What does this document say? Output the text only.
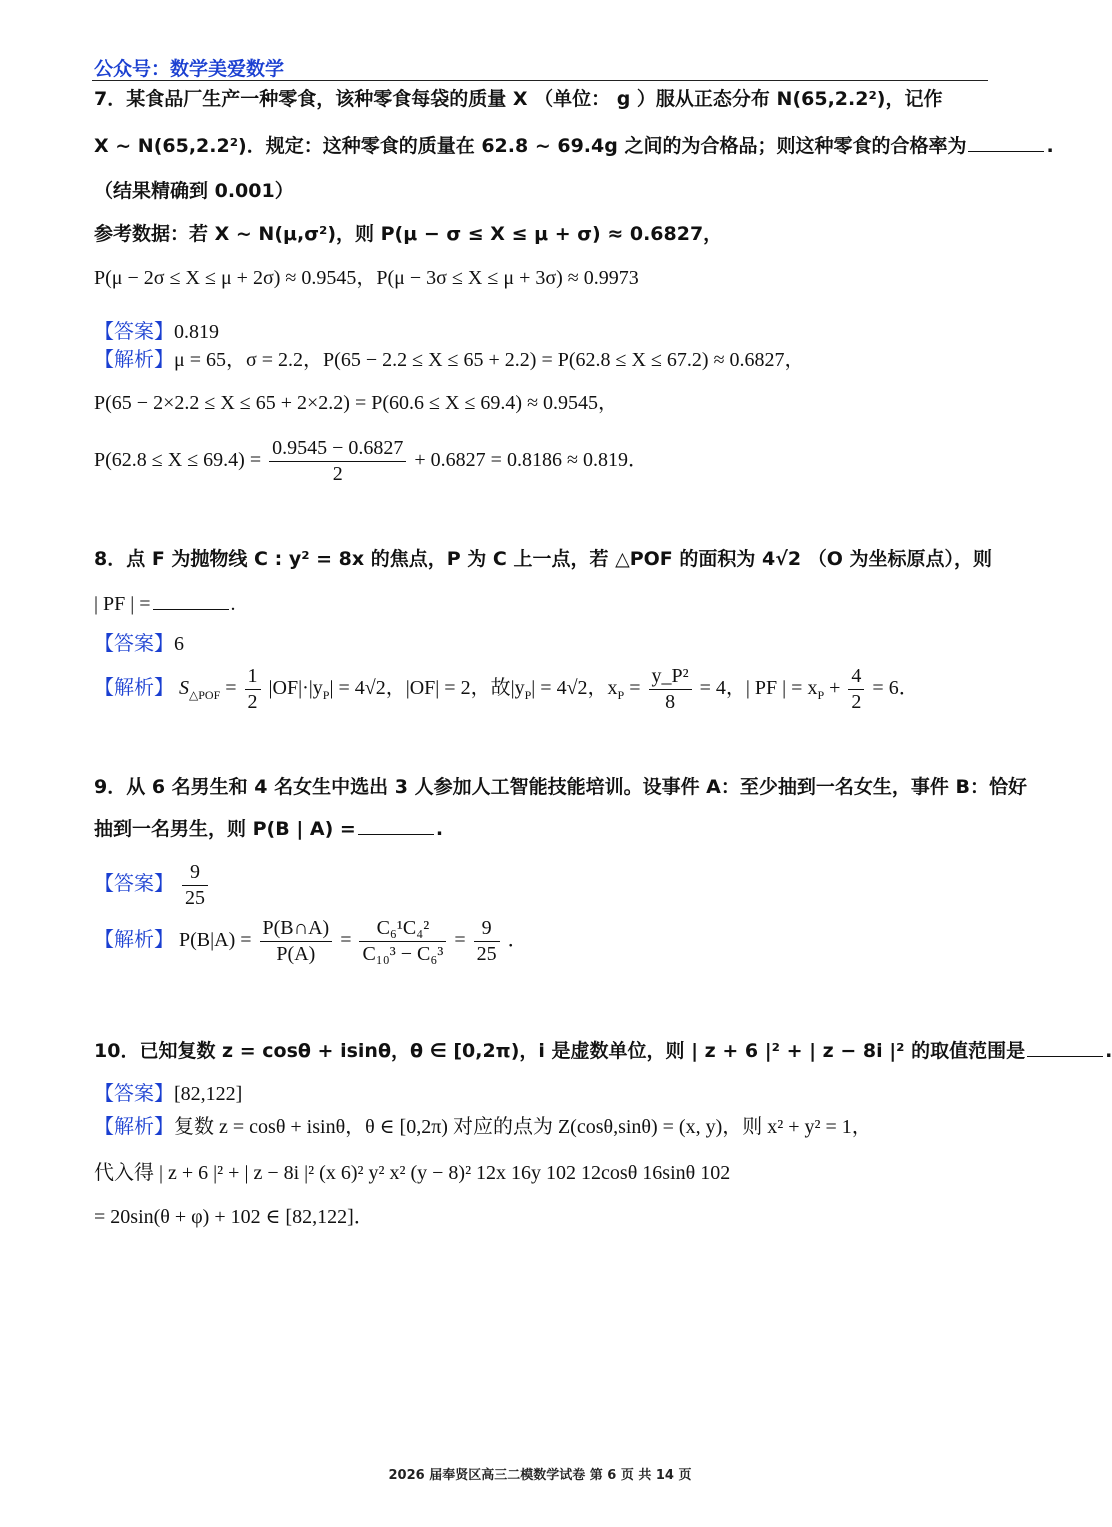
公众号：数学美爱数学
7．某食品厂生产一种零食，该种零食每袋的质量 X （单位： g ）服从正态分布 N(65,2.2²)，记作
X ~ N(65,2.2²)．规定：这种零食的质量在 62.8 ~ 69.4g 之间的为合格品；则这种零食的合格率为	.
（结果精确到 0.001）
参考数据：若 X ~ N(μ,σ²)，则 P(μ − σ ≤ X ≤ μ + σ) ≈ 0.6827，
P(μ − 2σ ≤ X ≤ μ + 2σ) ≈ 0.9545，P(μ − 3σ ≤ X ≤ μ + 3σ) ≈ 0.9973
【答案】0.819
【解析】μ = 65，σ = 2.2，P(65 − 2.2 ≤ X ≤ 65 + 2.2) = P(62.8 ≤ X ≤ 67.2) ≈ 0.6827，
P(65 − 2×2.2 ≤ X ≤ 65 + 2×2.2) = P(60.6 ≤ X ≤ 69.4) ≈ 0.9545，
$P(62.8 \le X \le 69.4) = \frac{0.9545 - 0.6827}{2} + 0.6827 = 0.8186 \approx 0.819$．
8．点 F 为抛物线 C : y² = 8x 的焦点，P 为 C 上一点，若 △POF 的面积为 4√2 （O 为坐标原点），则
| PF | =	.
【答案】6
【解析】 $S_{\triangle POF} = \frac{1}{2} |OF|\cdot|y_P| = 4√2$，|OF| = 2，故$|y_P| = 4√2$，$x_P = \frac{\text{y\_P²}}{8} = 4$，| PF | = $x_P + \frac{4}{2} = 6$．
9．从 6 名男生和 4 名女生中选出 3 人参加人工智能技能培训。设事件 A：至少抽到一名女生，事件 B：恰好
抽到一名男生，则 P(B | A) =	.
【答案】 $\frac{9}{25}$
【解析】 $P(B|A) = \frac{P(B\cap A)}{P(A)} = \frac{\text{C₆¹C₄²}}{\text{C₁₀³ − C₆³}} = \frac{9}{25}$ ．
10．已知复数 z = cosθ + isinθ，θ ∈ [0,2π)，i 是虚数单位，则 | z + 6 |² + | z − 8i |² 的取值范围是	.
【答案】[82,122]
【解析】复数 z = cosθ + isinθ，θ ∈ [0,2π) 对应的点为 Z(cosθ,sinθ) = (x, y)，则 x² + y² = 1，
代入得 | z + 6 |² + | z − 8i |² (x 6)² y² x² (y − 8)² 12x 16y 102 12cosθ 16sinθ 102
= 20sin(θ + φ) + 102 ∈ [82,122]．
2026 届奉贤区高三二模数学试卷 第 6 页 共 14 页
